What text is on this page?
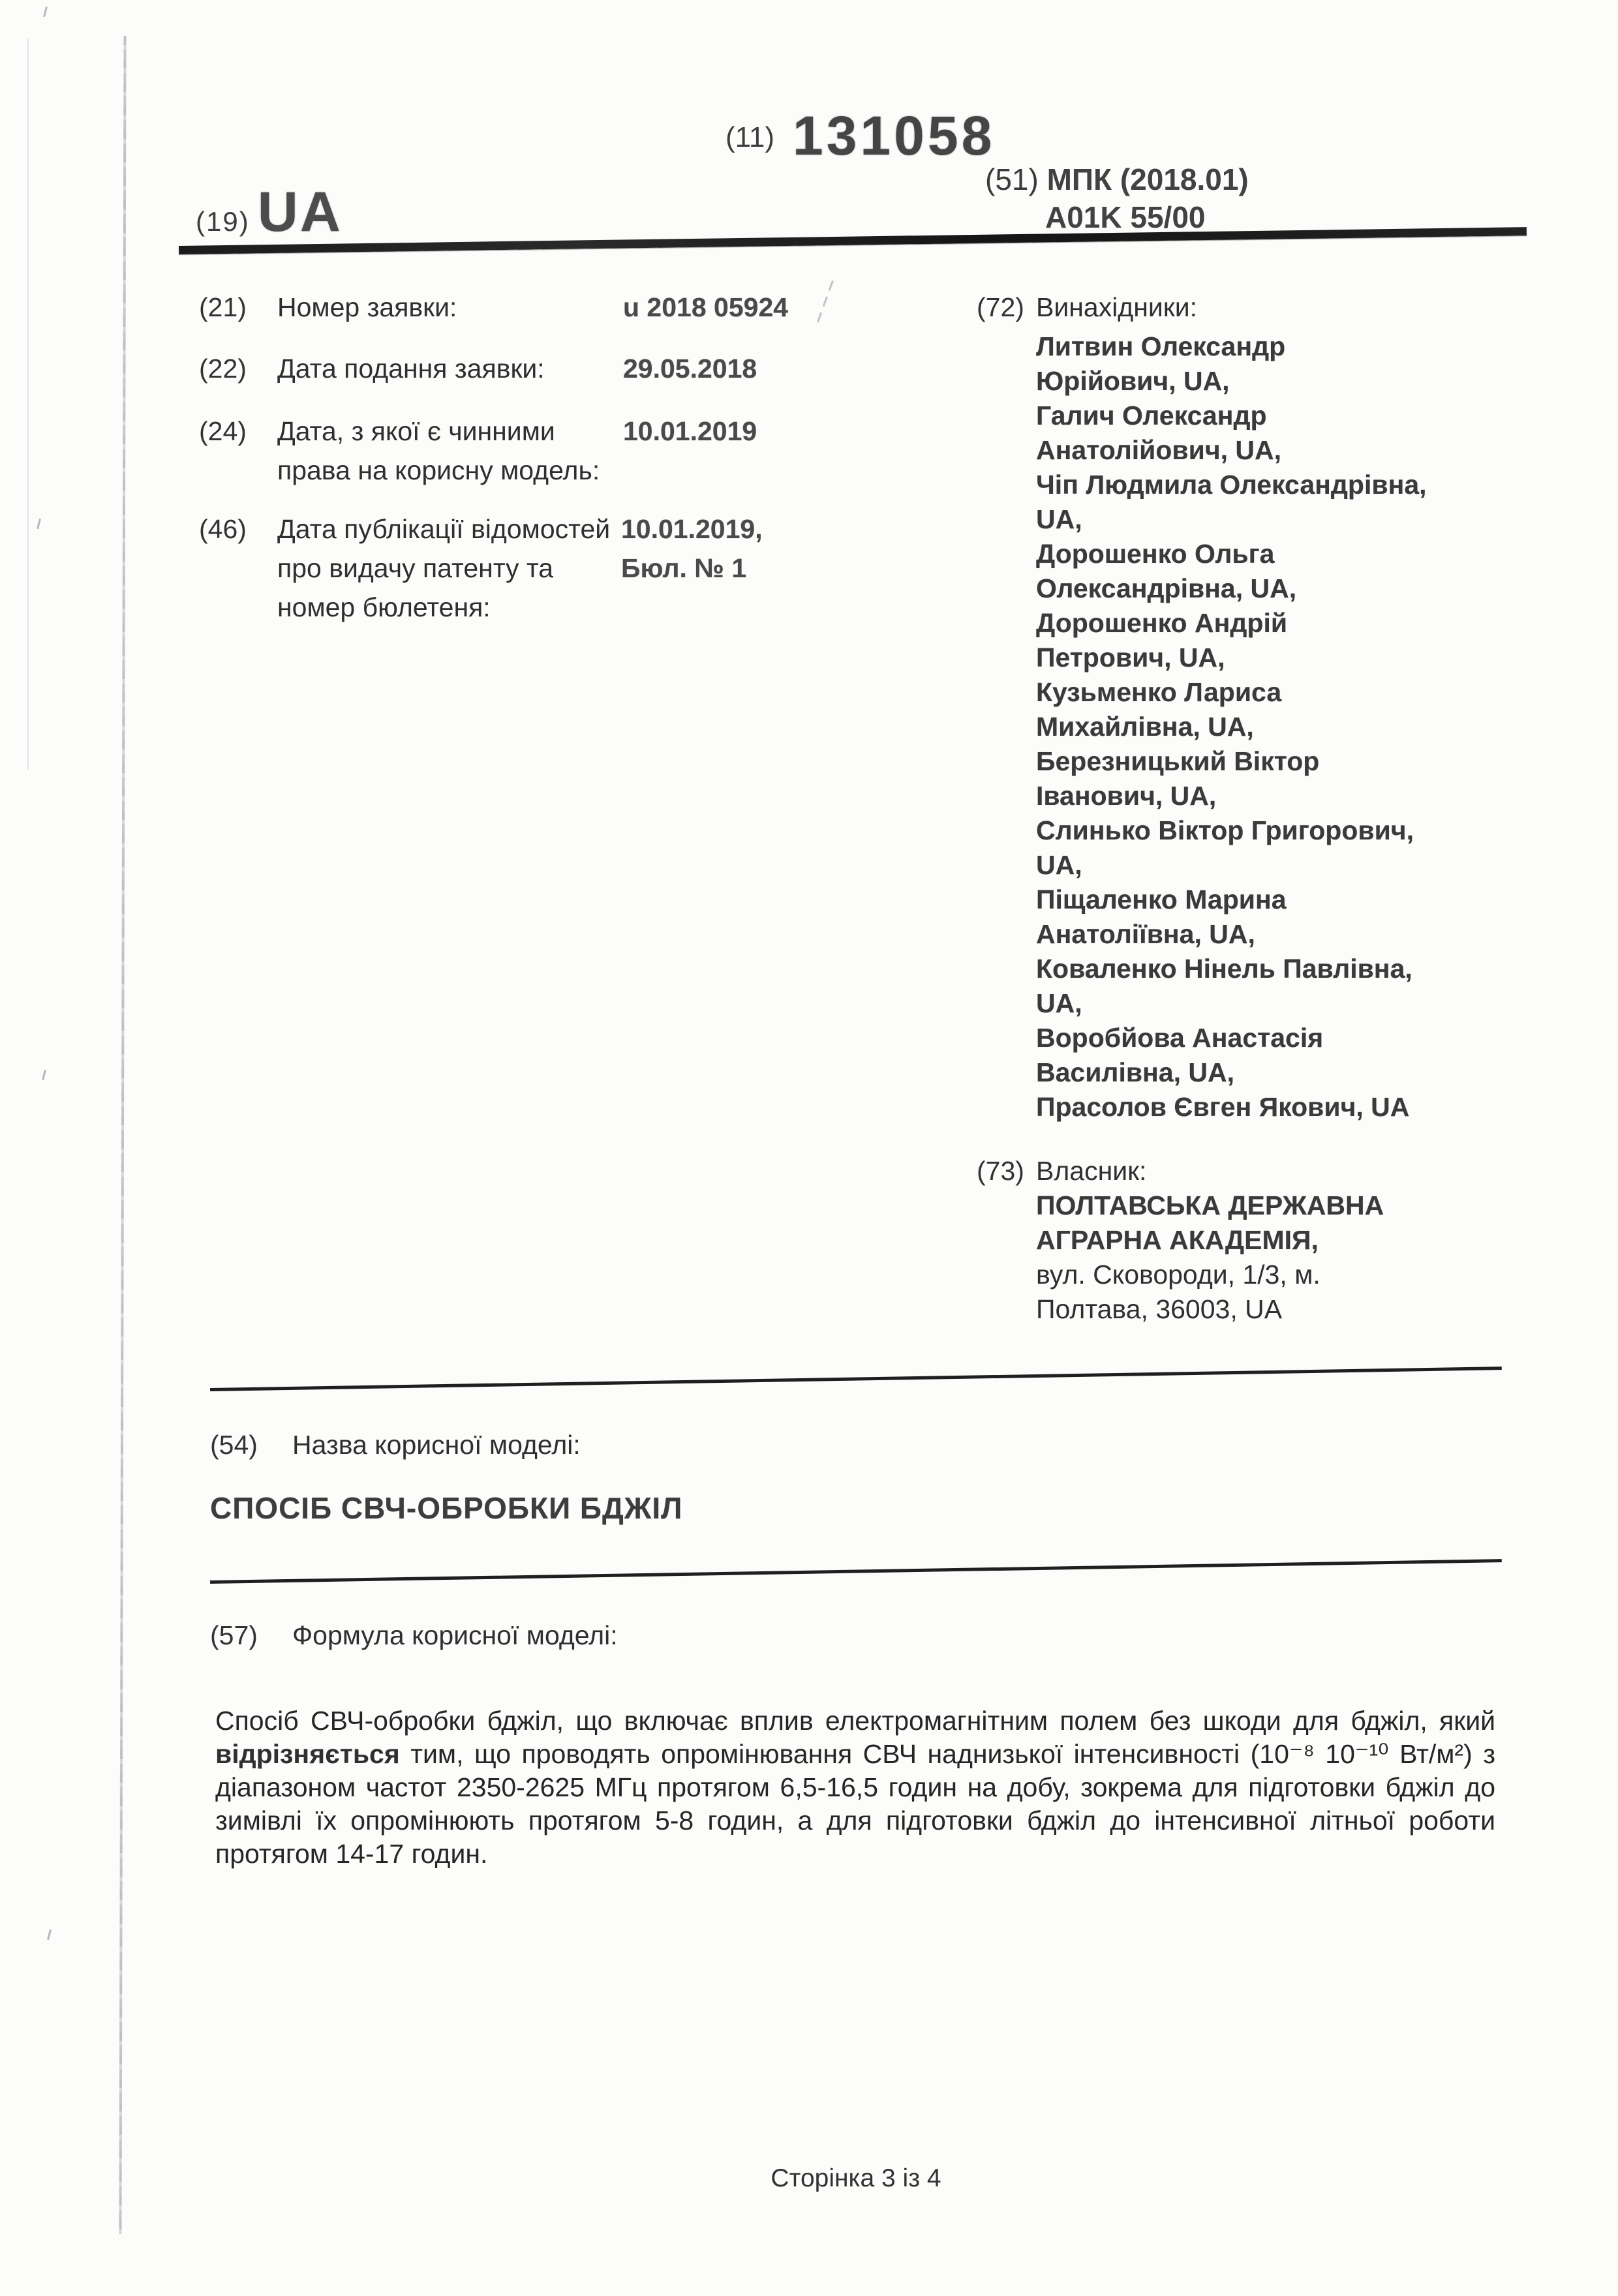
(19) UA
(11) 131058
(51) МПК (2018.01)
A01K 55/00
(21) Номер заявки:	u 2018 05924
(22) Дата подання заявки:	29.05.2018
(24) Дата, з якої є чинними
права на корисну модель:
10.01.2019
(46) Дата публікації відомостей
про видачу патенту та
номер бюлетеня:
10.01.2019,
Бюл. № 1
(72) Винахідники:
Литвин Олександр
Юрійович, UA,
Галич Олександр
Анатолійович, UA,
Чіп Людмила Олександрівна,
UA,
Дорошенко Ольга
Олександрівна, UA,
Дорошенко Андрій
Петрович, UA,
Кузьменко Лариса
Михайлівна, UA,
Березницький Віктор
Іванович, UA,
Слинько Віктор Григорович,
UA,
Піщаленко Марина
Анатоліївна, UA,
Коваленко Нінель Павлівна,
UA,
Воробйова Анастасія
Василівна, UA,
Прасолов Євген Якович, UA
(73) Власник:
ПОЛТАВСЬКА ДЕРЖАВНА
АГРАРНА АКАДЕМІЯ,
вул. Сковороди, 1/3, м.
Полтава, 36003, UA
(54) Назва корисної моделі:
СПОСІБ СВЧ-ОБРОБКИ БДЖІЛ
(57) Формула корисної моделі:

Спосіб СВЧ-обробки бджіл, що включає вплив електромагнітним полем без шкоди для бджіл, який відрізняється тим, що проводять опромінювання СВЧ наднизької інтенсивності (10⁻⁸ 10⁻¹⁰ Вт/м²) з діапазоном частот 2350-2625 МГц протягом 6,5-16,5 годин на добу, зокрема для підготовки бджіл до зимівлі їх опромінюють протягом 5-8 годин, а для підготовки бджіл до інтенсивної літньої роботи протягом 14-17 годин.

Сторінка 3 із 4
